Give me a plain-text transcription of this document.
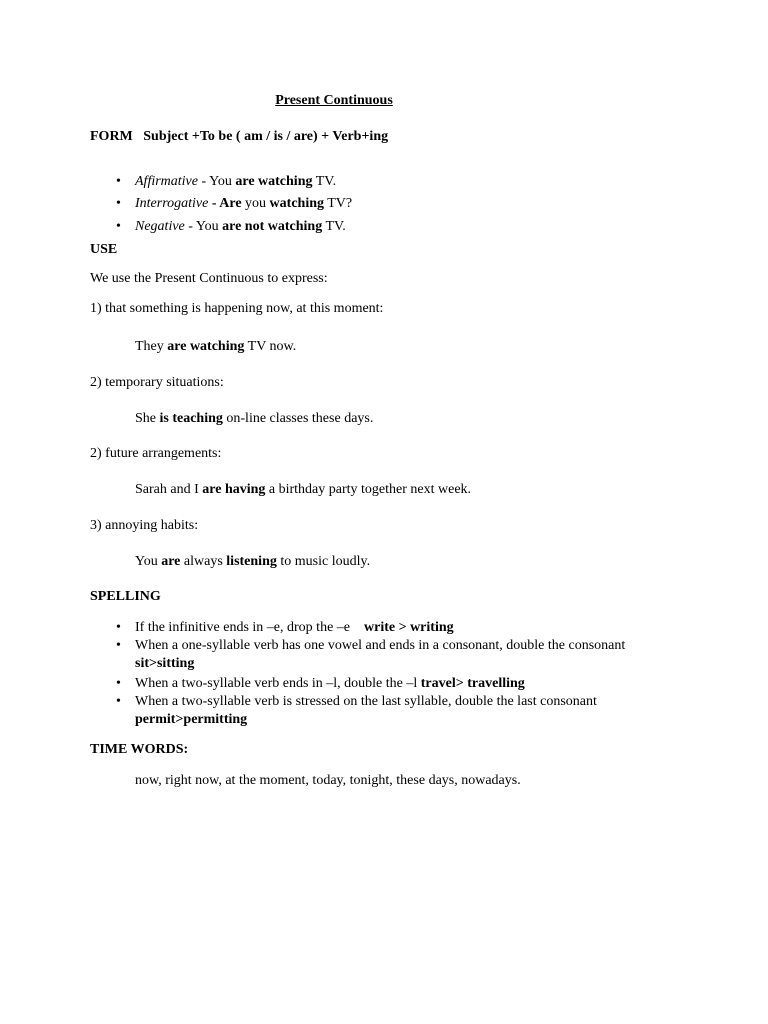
Present Continuous
FORM Subject +To be ( am / is / are) + Verb+ing
• Affirmative - You are watching TV.
• Interrogative - Are you watching TV?
• Negative - You are not watching TV.
USE
We use the Present Continuous to express:
1) that something is happening now, at this moment:
They are watching TV now.
2) temporary situations:
She is teaching on-line classes these days.
2) future arrangements:
Sarah and I are having a birthday party together next week.
3) annoying habits:
You are always listening to music loudly.
SPELLING
• If the infinitive ends in –e, drop the –e write > writing
• When a one-syllable verb has one vowel and ends in a consonant, double the consonant
sit>sitting
• When a two-syllable verb ends in –l, double the –l travel> travelling
• When a two-syllable verb is stressed on the last syllable, double the last consonant
permit>permitting
TIME WORDS:
now, right now, at the moment, today, tonight, these days, nowadays.
